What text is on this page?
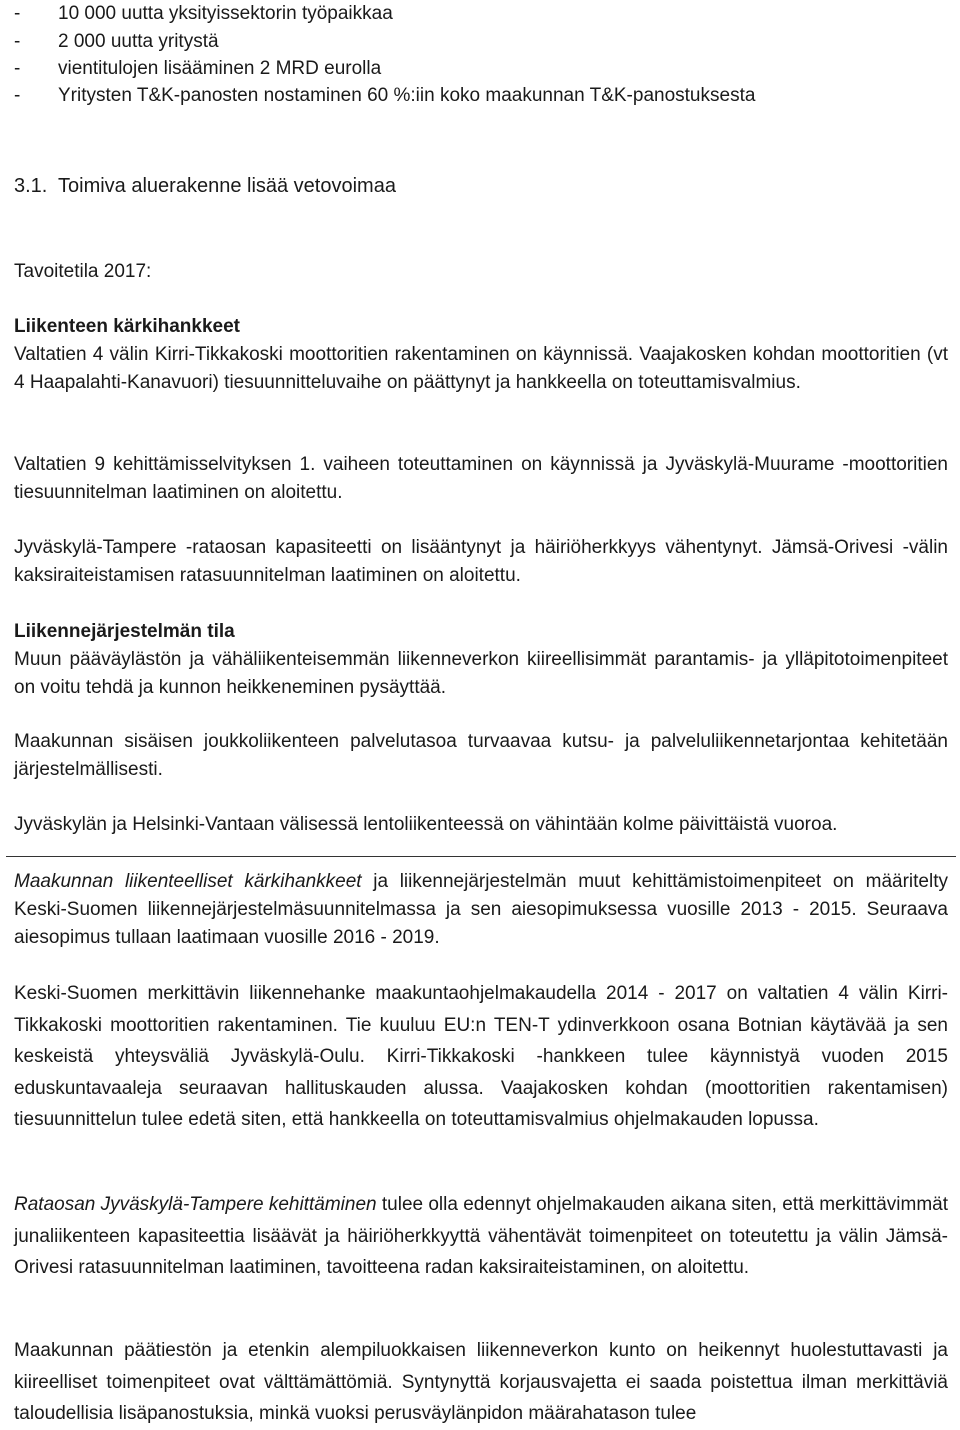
- 10 000 uutta yksityissektorin työpaikkaa
- 2 000 uutta yritystä
- vientitulojen lisääminen 2 MRD eurolla
- Yritysten T&K-panosten nostaminen 60 %:iin koko maakunnan T&K-panostuksesta
3.1. Toimiva aluerakenne lisää vetovoimaa
Tavoitetila 2017:
Liikenteen kärkihankkeet
Valtatien 4 välin Kirri-Tikkakoski moottoritien rakentaminen on käynnissä. Vaajakosken kohdan moottoritien (vt 4 Haapalahti-Kanavuori) tiesuunnitteluvaihe on päättynyt ja hankkeella on toteuttamisvalmius.
Valtatien 9 kehittämisselvityksen 1. vaiheen toteuttaminen on käynnissä ja Jyväskylä-Muurame -moottoritien tiesuunnitelman laatiminen on aloitettu.
Jyväskylä-Tampere -rataosan kapasiteetti on lisääntynyt ja häiriöherkkyys vähentynyt. Jämsä-Orivesi -välin kaksiraiteistamisen ratasuunnitelman laatiminen on aloitettu.
Liikennejärjestelmän tila
Muun pääväylästön ja vähäliikenteisemmän liikenneverkon kiireellisimmät parantamis- ja ylläpitotoimenpiteet on voitu tehdä ja kunnon heikkeneminen pysäyttää.
Maakunnan sisäisen joukkoliikenteen palvelutasoa turvaavaa kutsu- ja palveluliikennetarjontaa kehitetään järjestelmällisesti.
Jyväskylän ja Helsinki-Vantaan välisessä lentoliikenteessä on vähintään kolme päivittäistä vuoroa.
Maakunnan liikenteelliset kärkihankkeet ja liikennejärjestelmän muut kehittämistoimenpiteet on määritelty Keski-Suomen liikennejärjestelmäsuunnitelmassa ja sen aiesopimuksessa vuosille 2013 - 2015. Seuraava aiesopimus tullaan laatimaan vuosille 2016 - 2019.
Keski-Suomen merkittävin liikennehanke maakuntaohjelmakaudella 2014 - 2017 on valtatien 4 välin Kirri-Tikkakoski moottoritien rakentaminen. Tie kuuluu EU:n TEN-T ydinverkkoon osana Botnian käytävää ja sen keskeistä yhteysväliä Jyväskylä-Oulu. Kirri-Tikkakoski -hankkeen tulee käynnistyä vuoden 2015 eduskuntavaaleja seuraavan hallituskauden alussa. Vaajakosken kohdan (moottoritien rakentamisen) tiesuunnittelun tulee edetä siten, että hankkeella on toteuttamisvalmius ohjelmakauden lopussa.
Rataosan Jyväskylä-Tampere kehittäminen tulee olla edennyt ohjelmakauden aikana siten, että merkittävimmät junaliikenteen kapasiteettia lisäävät ja häiriöherkkyyttä vähentävät toimenpiteet on toteutettu ja välin Jämsä-Orivesi ratasuunnitelman laatiminen, tavoitteena radan kaksiraiteistaminen, on aloitettu.
Maakunnan päätiestön ja etenkin alempiluokkaisen liikenneverkon kunto on heikennyt huolestuttavasti ja kiireelliset toimenpiteet ovat välttämättömiä. Syntynyttä korjausvajetta ei saada poistettua ilman merkittäviä taloudellisia lisäpanostuksia, minkä vuoksi perusväylänpidon määrahatason tulee
